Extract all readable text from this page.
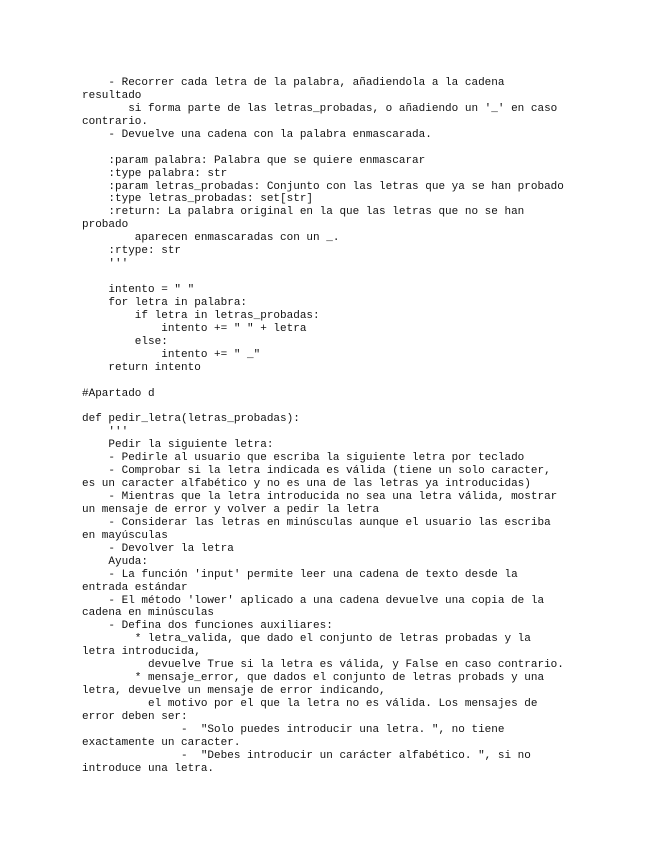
- Recorrer cada letra de la palabra, añadiendola a la cadena
resultado
si forma parte de las letras_probadas, o añadiendo un '_' en caso
contrario.
- Devuelve una cadena con la palabra enmascarada.

:param palabra: Palabra que se quiere enmascarar
:type palabra: str
:param letras_probadas: Conjunto con las letras que ya se han probado
:type letras_probadas: set[str]
:return: La palabra original en la que las letras que no se han
probado
aparecen enmascaradas con un _.
:rtype: str
'''

intento = " "
for letra in palabra:
if letra in letras_probadas:
intento += " " + letra
else:
intento += " _"
return intento

#Apartado d

def pedir_letra(letras_probadas):
'''
Pedir la siguiente letra:
- Pedirle al usuario que escriba la siguiente letra por teclado
- Comprobar si la letra indicada es válida (tiene un solo caracter,
es un caracter alfabético y no es una de las letras ya introducidas)
- Mientras que la letra introducida no sea una letra válida, mostrar
un mensaje de error y volver a pedir la letra
- Considerar las letras en minúsculas aunque el usuario las escriba
en mayúsculas
- Devolver la letra
Ayuda:
- La función 'input' permite leer una cadena de texto desde la
entrada estándar
- El método 'lower' aplicado a una cadena devuelve una copia de la
cadena en minúsculas
- Defina dos funciones auxiliares:
* letra_valida, que dado el conjunto de letras probadas y la
letra introducida,
devuelve True si la letra es válida, y False en caso contrario.
* mensaje_error, que dados el conjunto de letras probads y una
letra, devuelve un mensaje de error indicando,
el motivo por el que la letra no es válida. Los mensajes de
error deben ser:
-  "Solo puedes introducir una letra. ", no tiene
exactamente un caracter.
-  "Debes introducir un carácter alfabético. ", si no
introduce una letra.
